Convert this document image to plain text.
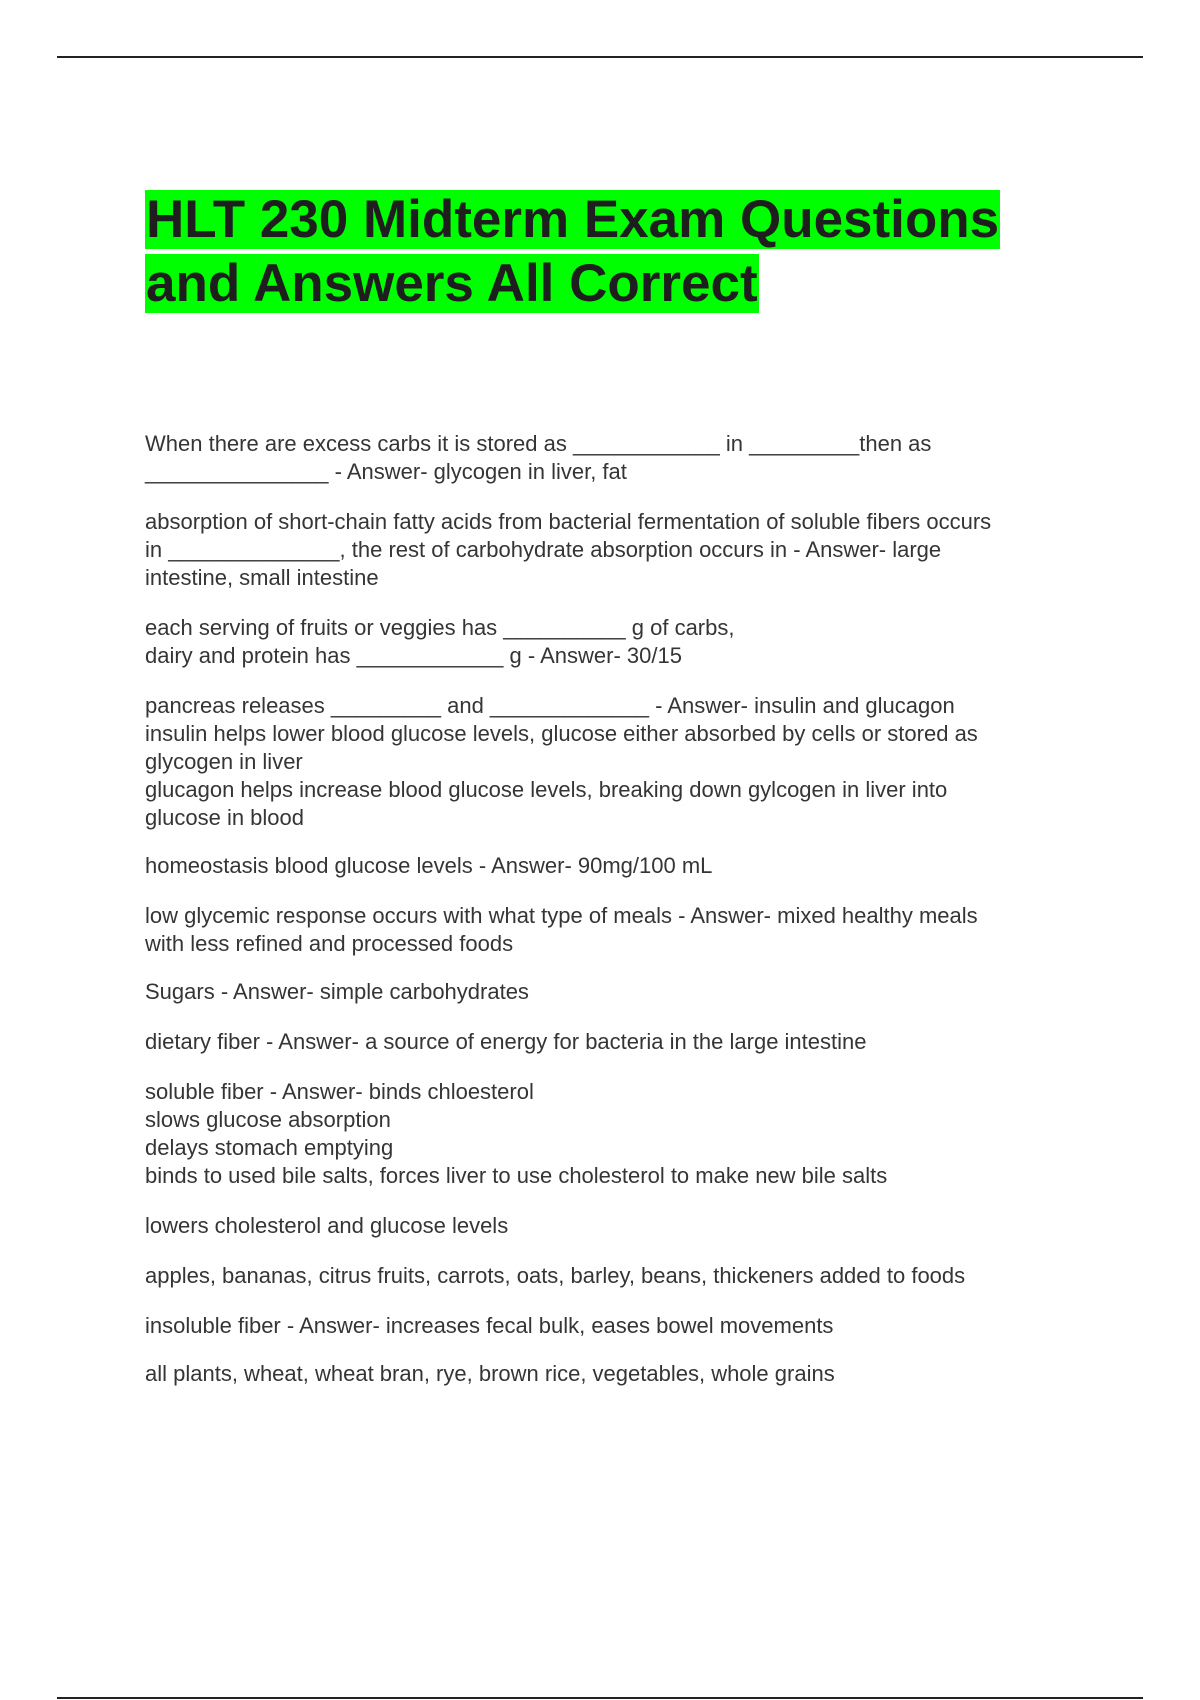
HLT 230 Midterm Exam Questions
and Answers All Correct

When there are excess carbs it is stored as ____________ in _________then as
_______________ - Answer- glycogen in liver, fat

absorption of short-chain fatty acids from bacterial fermentation of soluble fibers occurs
in ______________, the rest of carbohydrate absorption occurs in - Answer- large
intestine, small intestine

each serving of fruits or veggies has __________ g of carbs,
dairy and protein has ____________ g - Answer- 30/15

pancreas releases _________ and _____________ - Answer- insulin and glucagon
insulin helps lower blood glucose levels, glucose either absorbed by cells or stored as
glycogen in liver
glucagon helps increase blood glucose levels, breaking down gylcogen in liver into
glucose in blood

homeostasis blood glucose levels - Answer- 90mg/100 mL

low glycemic response occurs with what type of meals - Answer- mixed healthy meals
with less refined and processed foods

Sugars - Answer- simple carbohydrates

dietary fiber - Answer- a source of energy for bacteria in the large intestine

soluble fiber - Answer- binds chloesterol
slows glucose absorption
delays stomach emptying
binds to used bile salts, forces liver to use cholesterol to make new bile salts

lowers cholesterol and glucose levels

apples, bananas, citrus fruits, carrots, oats, barley, beans, thickeners added to foods

insoluble fiber - Answer- increases fecal bulk, eases bowel movements

all plants, wheat, wheat bran, rye, brown rice, vegetables, whole grains
